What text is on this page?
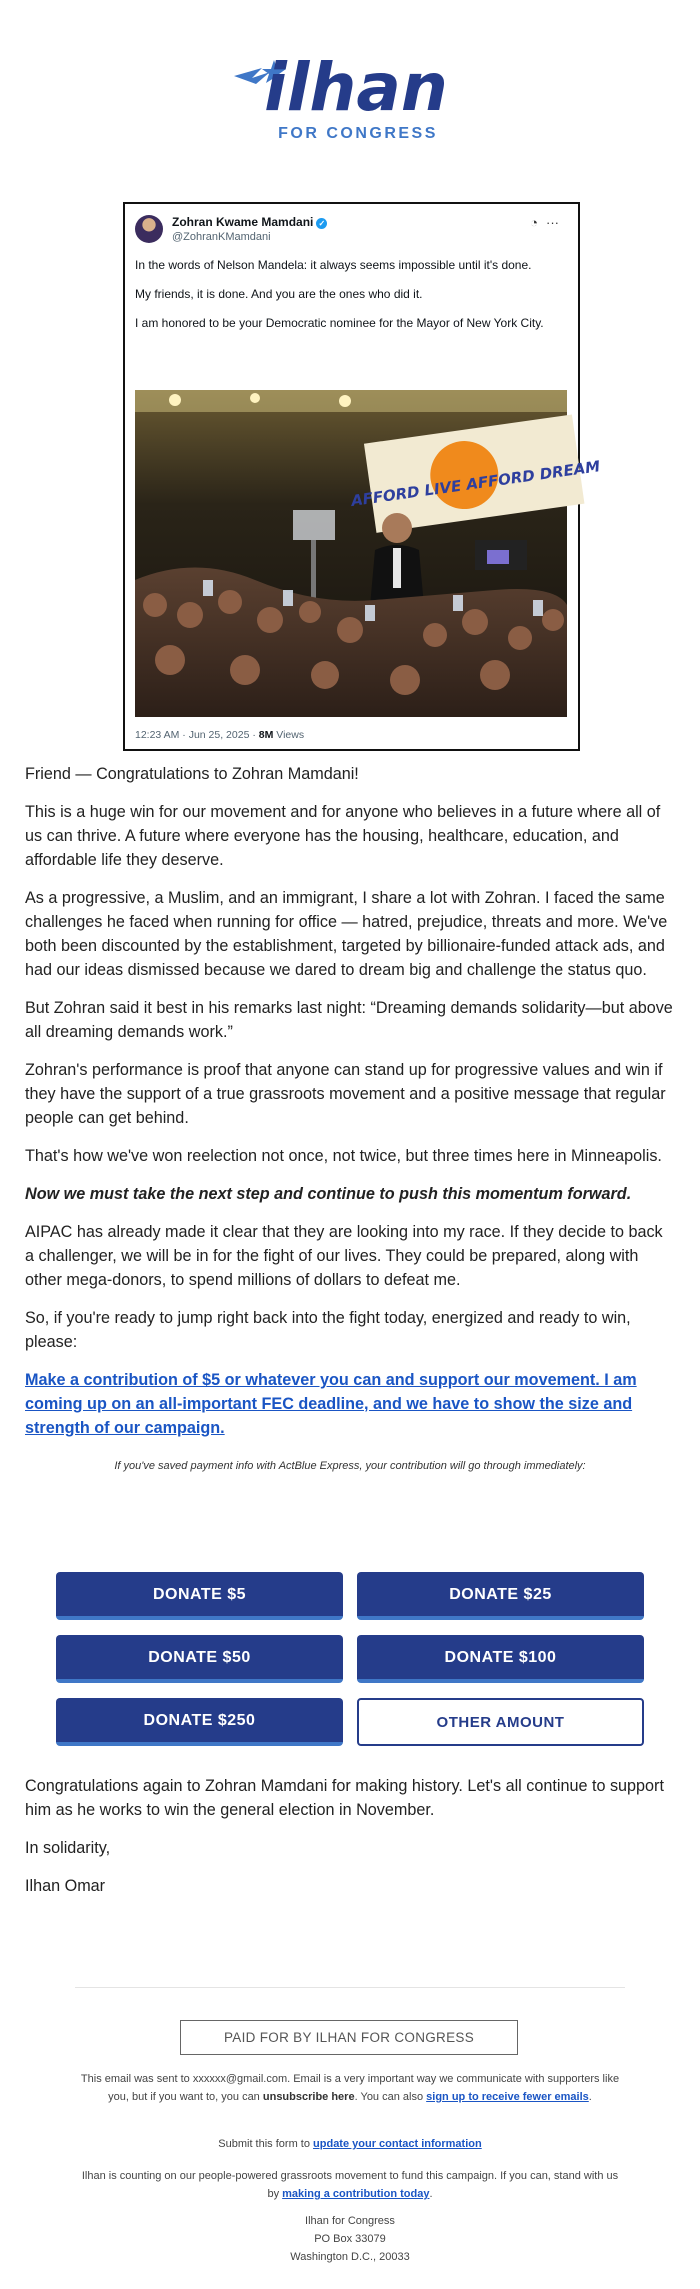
ilhan
FOR CONGRESS
Zohran Kwame Mamdani ✓
@ZohranKMamdani
◔ ···

In the words of Nelson Mandela: it always seems impossible until it's done.

My friends, it is done. And you are the ones who did it.

I am honored to be your Democratic nominee for the Mayor of New York City.

AFFORD LIVE AFFORD DREAM
12:23 AM · Jun 25, 2025 · 8M Views

Friend — Congratulations to Zohran Mamdani!

This is a huge win for our movement and for anyone who believes in a future where all of us can thrive. A future where everyone has the housing, healthcare, education, and affordable life they deserve.

As a progressive, a Muslim, and an immigrant, I share a lot with Zohran. I faced the same challenges he faced when running for office — hatred, prejudice, threats and more. We've both been discounted by the establishment, targeted by billionaire-funded attack ads, and had our ideas dismissed because we dared to dream big and challenge the status quo.

But Zohran said it best in his remarks last night: “Dreaming demands solidarity—but above all dreaming demands work.”

Zohran's performance is proof that anyone can stand up for progressive values and win if they have the support of a true grassroots movement and a positive message that regular people can get behind.

That's how we've won reelection not once, not twice, but three times here in Minneapolis.

Now we must take the next step and continue to push this momentum forward.

AIPAC has already made it clear that they are looking into my race. If they decide to back a challenger, we will be in for the fight of our lives. They could be prepared, along with other mega-donors, to spend millions of dollars to defeat me.

So, if you're ready to jump right back into the fight today, energized and ready to win, please:

Make a contribution of $5 or whatever you can and support our movement. I am coming up on an all-important FEC deadline, and we have to show the size and strength of our campaign.

If you've saved payment info with ActBlue Express, your contribution will go through immediately:

DONATE $5	DONATE $25
DONATE $50	DONATE $100
DONATE $250	OTHER AMOUNT

Congratulations again to Zohran Mamdani for making history. Let's all continue to support him as he works to win the general election in November.

In solidarity,

Ilhan Omar

PAID FOR BY ILHAN FOR CONGRESS
This email was sent to xxxxxx@gmail.com. Email is a very important way we communicate with supporters like you, but if you want to, you can unsubscribe here. You can also sign up to receive fewer emails.
Submit this form to update your contact information
Ilhan is counting on our people-powered grassroots movement to fund this campaign. If you can, stand with us by making a contribution today.
Ilhan for Congress
PO Box 33079
Washington D.C., 20033
